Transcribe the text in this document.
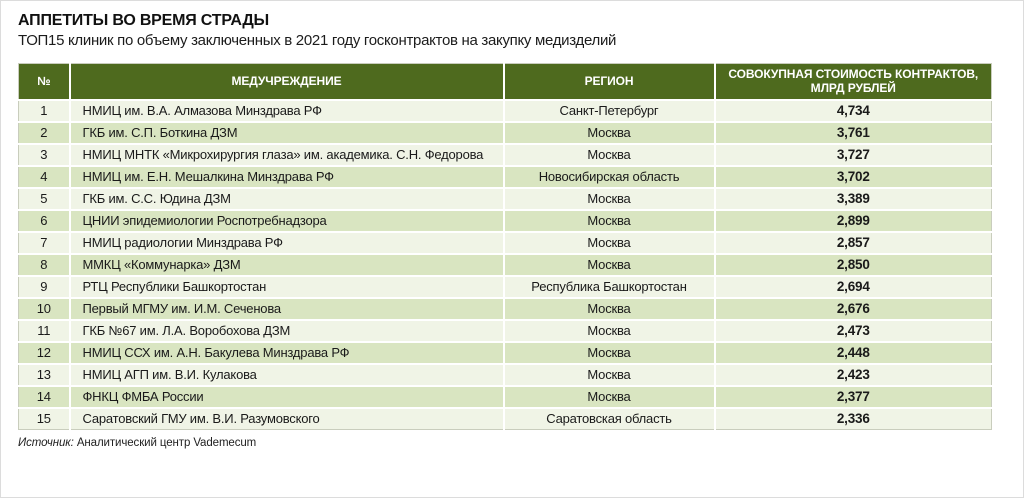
АППЕТИТЫ ВО ВРЕМЯ СТРАДЫ
ТОП15 клиник по объему заключенных в 2021 году госконтрактов на закупку медизделий
№	МЕДУЧРЕЖДЕНИЕ	РЕГИОН	СОВОКУПНАЯ СТОИМОСТЬ КОНТРАКТОВ, МЛРД РУБЛЕЙ
1	НМИЦ им. В.А. Алмазова Минздрава РФ	Санкт-Петербург	4,734
2	ГКБ им. С.П. Боткина ДЗМ	Москва	3,761
3	НМИЦ МНТК «Микрохирургия глаза» им. академика. С.Н. Федорова	Москва	3,727
4	НМИЦ им. Е.Н. Мешалкина Минздрава РФ	Новосибирская область	3,702
5	ГКБ им. С.С. Юдина ДЗМ	Москва	3,389
6	ЦНИИ эпидемиологии Роспотребнадзора	Москва	2,899
7	НМИЦ радиологии Минздрава РФ	Москва	2,857
8	ММКЦ «Коммунарка» ДЗМ	Москва	2,850
9	РТЦ Республики Башкортостан	Республика Башкортостан	2,694
10	Первый МГМУ им. И.М. Сеченова	Москва	2,676
11	ГКБ №67 им. Л.А. Воробохова ДЗМ	Москва	2,473
12	НМИЦ ССХ им. А.Н. Бакулева Минздрава РФ	Москва	2,448
13	НМИЦ АГП им. В.И. Кулакова	Москва	2,423
14	ФНКЦ ФМБА России	Москва	2,377
15	Саратовский ГМУ им. В.И. Разумовского	Саратовская область	2,336
Источник: Аналитический центр Vademecum
